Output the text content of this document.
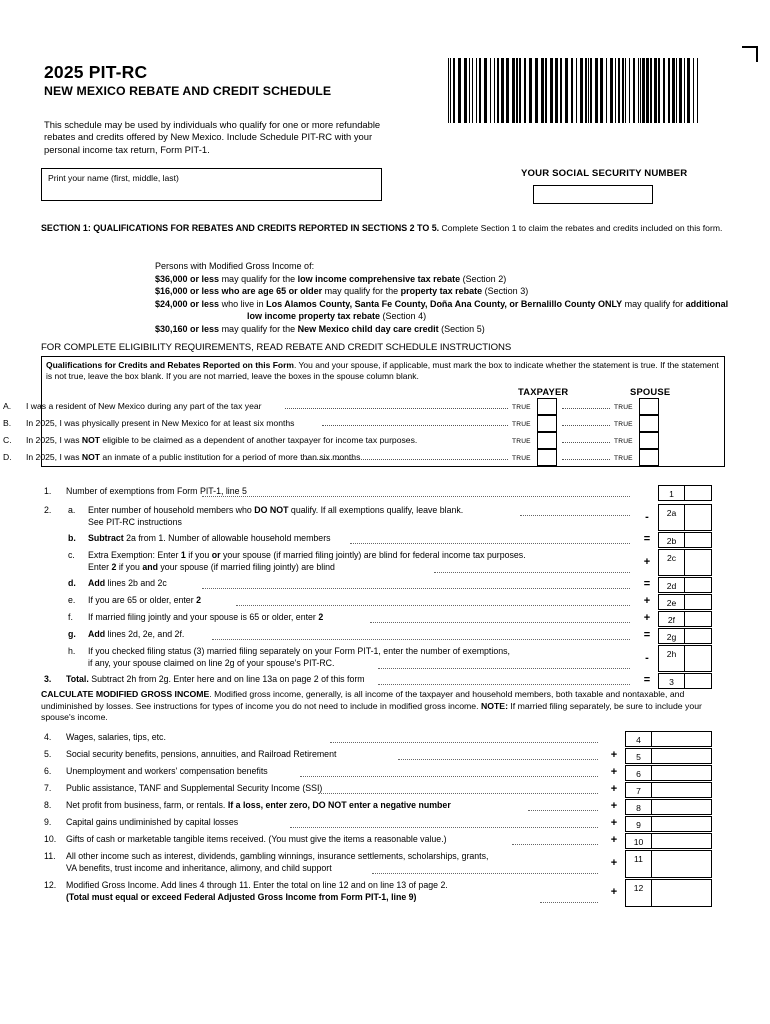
2025 PIT-RC
NEW MEXICO REBATE AND CREDIT SCHEDULE
This schedule may be used by individuals who qualify for one or more refundable rebates and credits offered by New Mexico. Include Schedule PIT-RC with your personal income tax return, Form PIT-1.
Print your name (first, middle, last)	YOUR SOCIAL SECURITY NUMBER
SECTION 1: QUALIFICATIONS FOR REBATES AND CREDITS REPORTED IN SECTIONS 2 TO 5. Complete Section 1 to claim the rebates and credits included on this form.
Persons with Modified Gross Income of:
$36,000 or less may qualify for the low income comprehensive tax rebate (Section 2)
$16,000 or less who are age 65 or older may qualify for the property tax rebate (Section 3)
$24,000 or less who live in Los Alamos County, Santa Fe County, Doña Ana County, or Bernalillo County ONLY may qualify for additional
low income property tax rebate (Section 4)
$30,160 or less may qualify for the New Mexico child day care credit (Section 5)
FOR COMPLETE ELIGIBILITY REQUIREMENTS, READ REBATE AND CREDIT SCHEDULE INSTRUCTIONS
Qualifications for Credits and Rebates Reported on this Form. You and your spouse, if applicable, must mark the box to indicate whether the statement is true. If the statement is not true, leave the box blank. If you are not married, leave the boxes in the spouse column blank.
TAXPAYER	SPOUSE
A. I was a resident of New Mexico during any part of the tax year	TRUE	TRUE
B. In 2025, I was physically present in New Mexico for at least six months	TRUE	TRUE
C. In 2025, I was NOT eligible to be claimed as a dependent of another taxpayer for income tax purposes.	TRUE	TRUE
D. In 2025, I was NOT an inmate of a public institution for a period of more than six months	TRUE	TRUE
1. Number of exemptions from Form PIT-1, line 5	1
2. a. Enter number of household members who DO NOT qualify. If all exemptions qualify, leave blank.
See PIT-RC instructions	-	2a
b. Subtract 2a from 1. Number of allowable household members	=	2b
c. Extra Exemption: Enter 1 if you or your spouse (if married filing jointly) are blind for federal income tax purposes.
Enter 2 if you and your spouse (if married filing jointly) are blind	+	2c
d. Add lines 2b and 2c	=	2d
e. If you are 65 or older, enter 2	+	2e
f. If married filing jointly and your spouse is 65 or older, enter 2	+	2f
g. Add lines 2d, 2e, and 2f.	=	2g
h. If you checked filing status (3) married filing separately on your Form PIT-1, enter the number of exemptions,
if any, your spouse claimed on line 2g of your spouse's PIT-RC.	-	2h
3. Total. Subtract 2h from 2g. Enter here and on line 13a on page 2 of this form	=	3
CALCULATE MODIFIED GROSS INCOME. Modified gross income, generally, is all income of the taxpayer and household members, both taxable and nontaxable, and undiminished by losses. See instructions for types of income you do not need to include in modified gross income. NOTE: If married filing separately, be sure to include your spouse's income.
4. Wages, salaries, tips, etc.	4
5. Social security benefits, pensions, annuities, and Railroad Retirement	+	5
6. Unemployment and workers' compensation benefits	+	6
7. Public assistance, TANF and Supplemental Security Income (SSI)	+	7
8. Net profit from business, farm, or rentals. If a loss, enter zero, DO NOT enter a negative number	+	8
9. Capital gains undiminished by capital losses	+	9
10. Gifts of cash or marketable tangible items received. (You must give the items a reasonable value.)	+	10
11. All other income such as interest, dividends, gambling winnings, insurance settlements, scholarships, grants,
VA benefits, trust income and inheritance, alimony, and child support	+	11
12. Modified Gross Income. Add lines 4 through 11. Enter the total on line 12 and on line 13 of page 2.
(Total must equal or exceed Federal Adjusted Gross Income from Form PIT-1, line 9)	+	12
